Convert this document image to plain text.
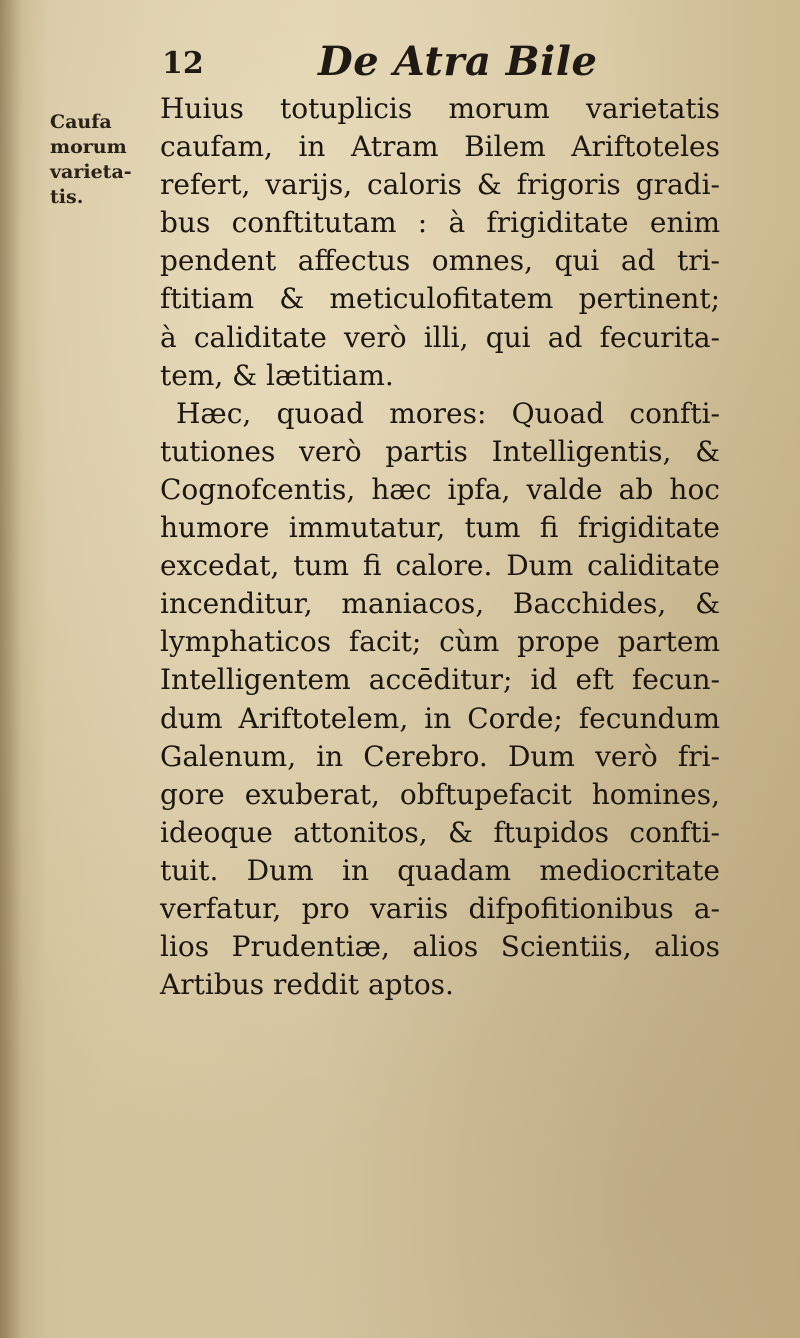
12	De Atra Bile
Caufa
morum
varieta-
tis.
Huius totuplicis morum varietatis
caufam, in Atram Bilem Ariftoteles
refert, varijs, caloris & frigoris gradi-
bus conftitutam : à frigiditate enim
pendent affectus omnes, qui ad tri-
ftitiam & meticulofitatem pertinent;
à caliditate verò illi, qui ad fecurita-
tem, & lætitiam.
Hæc, quoad mores: Quoad confti-
tutiones verò partis Intelligentis, &
Cognofcentis, hæc ipfa, valde ab hoc
humore immutatur, tum fi frigiditate
excedat, tum fi calore. Dum caliditate
incenditur, maniacos, Bacchides, &
lymphaticos facit; cùm prope partem
Intelligentem accēditur; id eft fecun-
dum Ariftotelem, in Corde; fecundum
Galenum, in Cerebro. Dum verò fri-
gore exuberat, obftupefacit homines,
ideoque attonitos, & ftupidos confti-
tuit. Dum in quadam mediocritate
verfatur, pro variis difpofitionibus a-
lios Prudentiæ, alios Scientiis, alios
Artibus reddit aptos.
